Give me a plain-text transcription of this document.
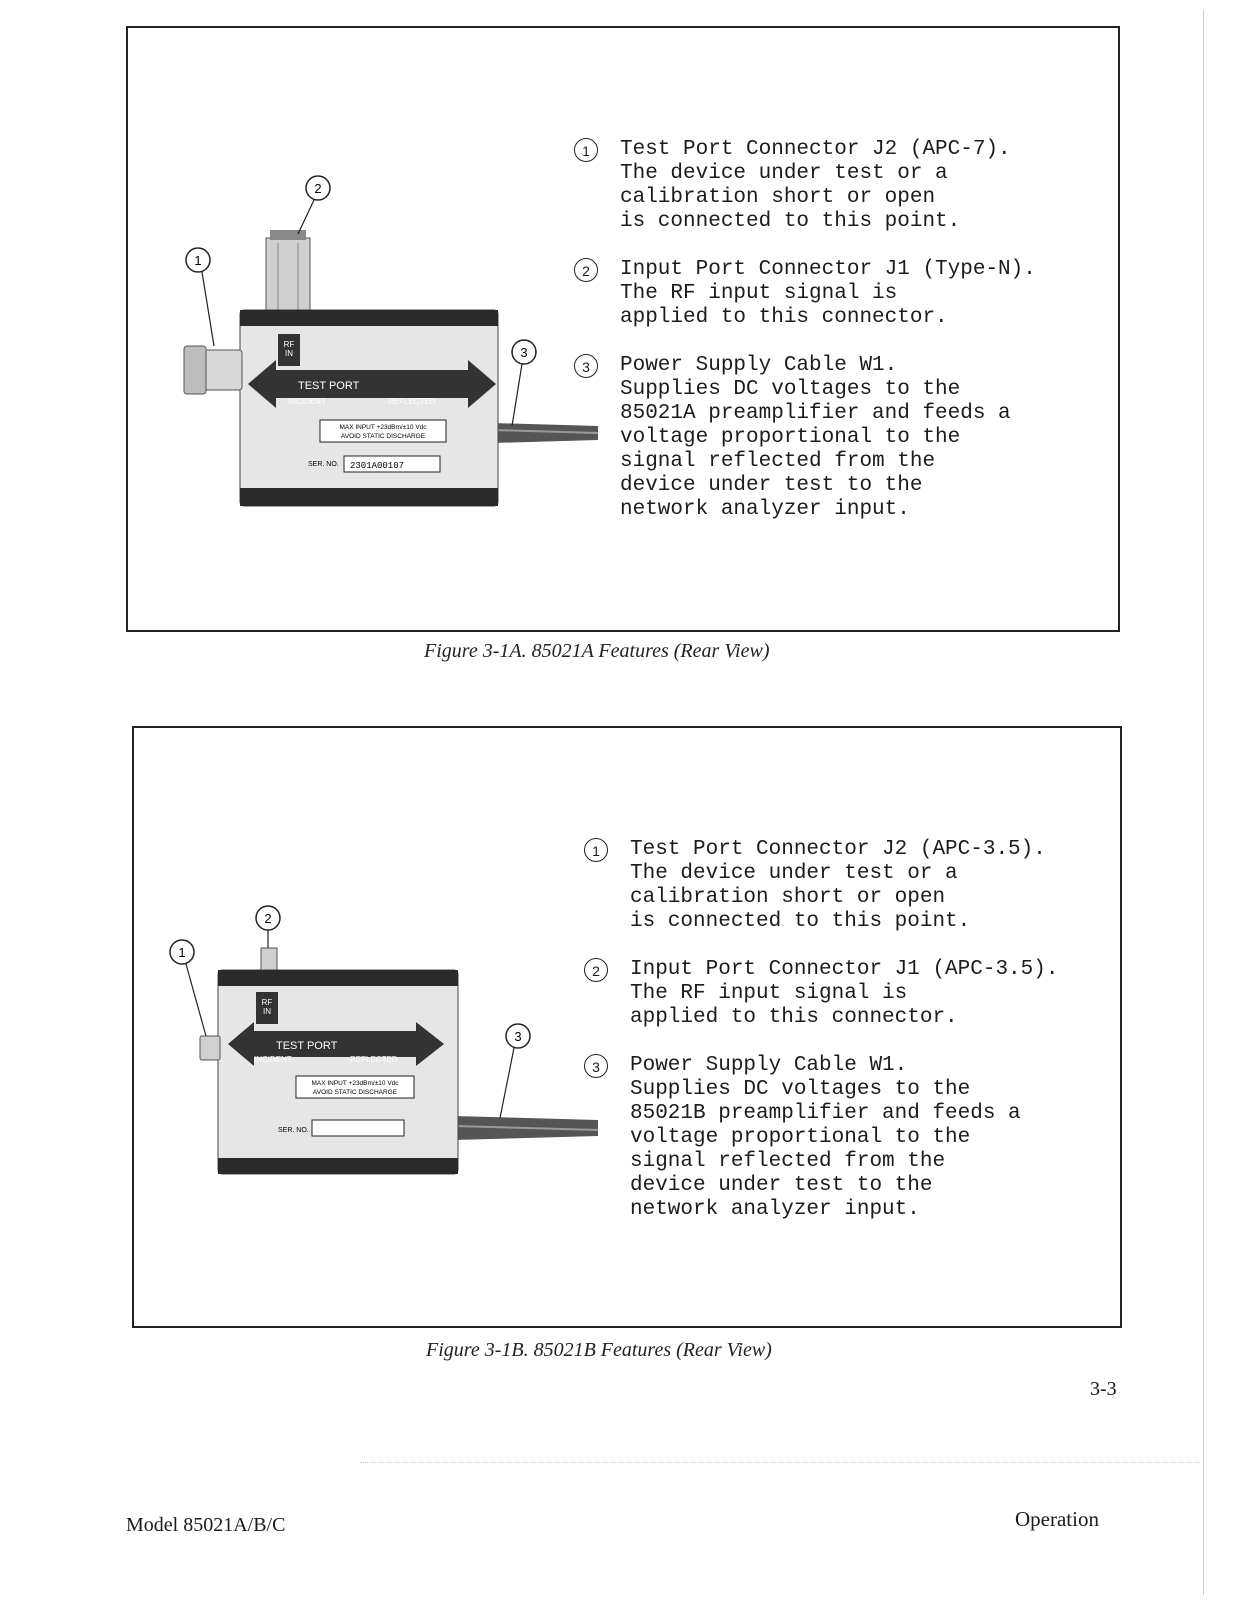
RF IN
TEST PORT
INCIDENT	REFLECTED
MAX INPUT +23dBm/±10 Vdc
AVOID STATIC DISCHARGE
SER. NO. 2301A00107
2
1
3
1	Test Port Connector J2 (APC-7).
The device under test or a
calibration short or open
is connected to this point.
2	Input Port Connector J1 (Type-N).
The RF input signal is
applied to this connector.
3	Power Supply Cable W1.
Supplies DC voltages to the
85021A preamplifier and feeds a
voltage proportional to the
signal reflected from the
device under test to the
network analyzer input.
Figure 3-1A. 85021A Features (Rear View)
RF IN
TEST PORT
INCIDENT	REFLECTED
MAX INPUT +23dBm/±10 Vdc
AVOID STATIC DISCHARGE
SER. NO.
2
1
3
1	Test Port Connector J2 (APC-3.5).
The device under test or a
calibration short or open
is connected to this point.
2	Input Port Connector J1 (APC-3.5).
The RF input signal is
applied to this connector.
3	Power Supply Cable W1.
Supplies DC voltages to the
85021B preamplifier and feeds a
voltage proportional to the
signal reflected from the
device under test to the
network analyzer input.
Figure 3-1B. 85021B Features (Rear View)
3-3
Model 85021A/B/C	Operation
